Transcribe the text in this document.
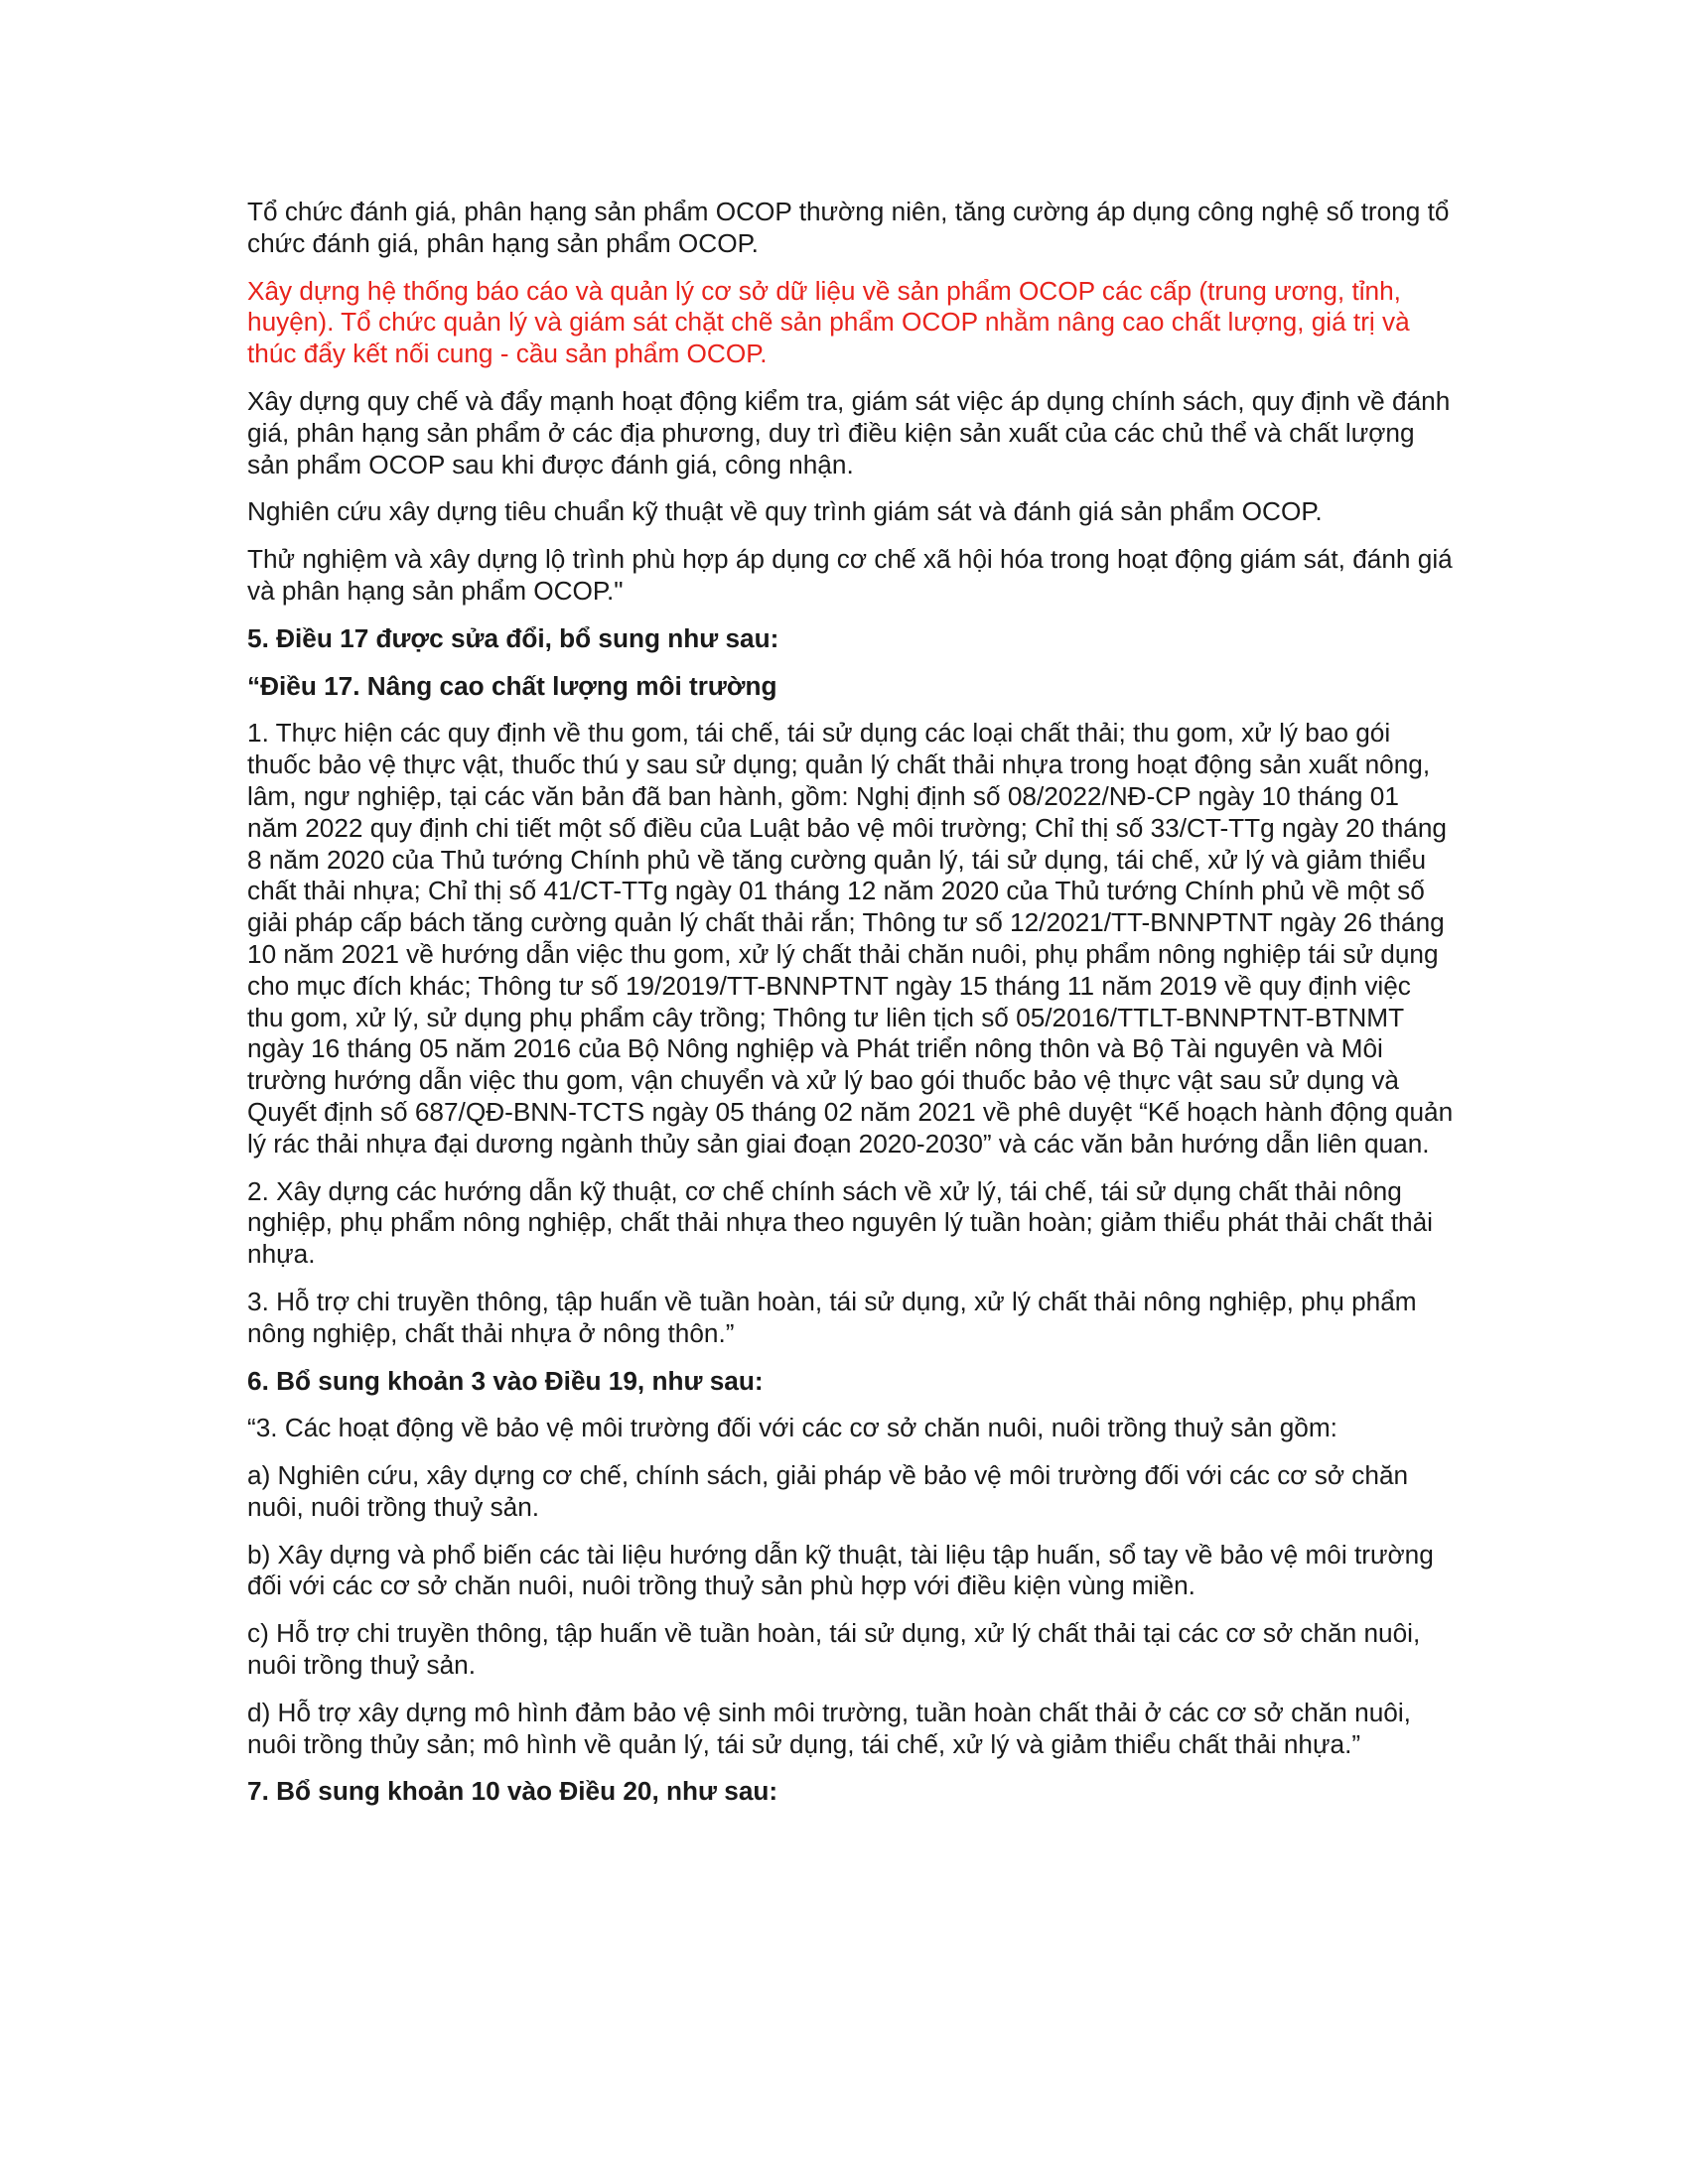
Tổ chức đánh giá, phân hạng sản phẩm OCOP thường niên, tăng cường áp dụng công nghệ số trong tổ chức đánh giá, phân hạng sản phẩm OCOP.

Xây dựng hệ thống báo cáo và quản lý cơ sở dữ liệu về sản phẩm OCOP các cấp (trung ương, tỉnh, huyện). Tổ chức quản lý và giám sát chặt chẽ sản phẩm OCOP nhằm nâng cao chất lượng, giá trị và thúc đẩy kết nối cung - cầu sản phẩm OCOP.

Xây dựng quy chế và đẩy mạnh hoạt động kiểm tra, giám sát việc áp dụng chính sách, quy định về đánh giá, phân hạng sản phẩm ở các địa phương, duy trì điều kiện sản xuất của các chủ thể và chất lượng sản phẩm OCOP sau khi được đánh giá, công nhận.

Nghiên cứu xây dựng tiêu chuẩn kỹ thuật về quy trình giám sát và đánh giá sản phẩm OCOP.

Thử nghiệm và xây dựng lộ trình phù hợp áp dụng cơ chế xã hội hóa trong hoạt động giám sát, đánh giá và phân hạng sản phẩm OCOP."

5. Điều 17 được sửa đổi, bổ sung như sau:

“Điều 17. Nâng cao chất lượng môi trường

1. Thực hiện các quy định về thu gom, tái chế, tái sử dụng các loại chất thải; thu gom, xử lý bao gói thuốc bảo vệ thực vật, thuốc thú y sau sử dụng; quản lý chất thải nhựa trong hoạt động sản xuất nông, lâm, ngư nghiệp, tại các văn bản đã ban hành, gồm: Nghị định số 08/2022/NĐ-CP ngày 10 tháng 01 năm 2022 quy định chi tiết một số điều của Luật bảo vệ môi trường; Chỉ thị số 33/CT-TTg ngày 20 tháng 8 năm 2020 của Thủ tướng Chính phủ về tăng cường quản lý, tái sử dụng, tái chế, xử lý và giảm thiểu chất thải nhựa; Chỉ thị số 41/CT-TTg ngày 01 tháng 12 năm 2020 của Thủ tướng Chính phủ về một số giải pháp cấp bách tăng cường quản lý chất thải rắn; Thông tư số 12/2021/TT-BNNPTNT ngày 26 tháng 10 năm 2021 về hướng dẫn việc thu gom, xử lý chất thải chăn nuôi, phụ phẩm nông nghiệp tái sử dụng cho mục đích khác; Thông tư số 19/2019/TT-BNNPTNT ngày 15 tháng 11 năm 2019 về quy định việc thu gom, xử lý, sử dụng phụ phẩm cây trồng; Thông tư liên tịch số 05/2016/TTLT-BNNPTNT-BTNMT ngày 16 tháng 05 năm 2016 của Bộ Nông nghiệp và Phát triển nông thôn và Bộ Tài nguyên và Môi trường hướng dẫn việc thu gom, vận chuyển và xử lý bao gói thuốc bảo vệ thực vật sau sử dụng và Quyết định số 687/QĐ-BNN-TCTS ngày 05 tháng 02 năm 2021 về phê duyệt “Kế hoạch hành động quản lý rác thải nhựa đại dương ngành thủy sản giai đoạn 2020-2030” và các văn bản hướng dẫn liên quan.

2. Xây dựng các hướng dẫn kỹ thuật, cơ chế chính sách về xử lý, tái chế, tái sử dụng chất thải nông nghiệp, phụ phẩm nông nghiệp, chất thải nhựa theo nguyên lý tuần hoàn; giảm thiểu phát thải chất thải nhựa.

3. Hỗ trợ chi truyền thông, tập huấn về tuần hoàn, tái sử dụng, xử lý chất thải nông nghiệp, phụ phẩm nông nghiệp, chất thải nhựa ở nông thôn.”

6. Bổ sung khoản 3 vào Điều 19, như sau:

“3. Các hoạt động về bảo vệ môi trường đối với các cơ sở chăn nuôi, nuôi trồng thuỷ sản gồm:

a) Nghiên cứu, xây dựng cơ chế, chính sách, giải pháp về bảo vệ môi trường đối với các cơ sở chăn nuôi, nuôi trồng thuỷ sản.

b) Xây dựng và phổ biến các tài liệu hướng dẫn kỹ thuật, tài liệu tập huấn, sổ tay về bảo vệ môi trường đối với các cơ sở chăn nuôi, nuôi trồng thuỷ sản phù hợp với điều kiện vùng miền.

c) Hỗ trợ chi truyền thông, tập huấn về tuần hoàn, tái sử dụng, xử lý chất thải tại các cơ sở chăn nuôi, nuôi trồng thuỷ sản.

d) Hỗ trợ xây dựng mô hình đảm bảo vệ sinh môi trường, tuần hoàn chất thải ở các cơ sở chăn nuôi, nuôi trồng thủy sản; mô hình về quản lý, tái sử dụng, tái chế, xử lý và giảm thiểu chất thải nhựa.”

7. Bổ sung khoản 10 vào Điều 20, như sau:
